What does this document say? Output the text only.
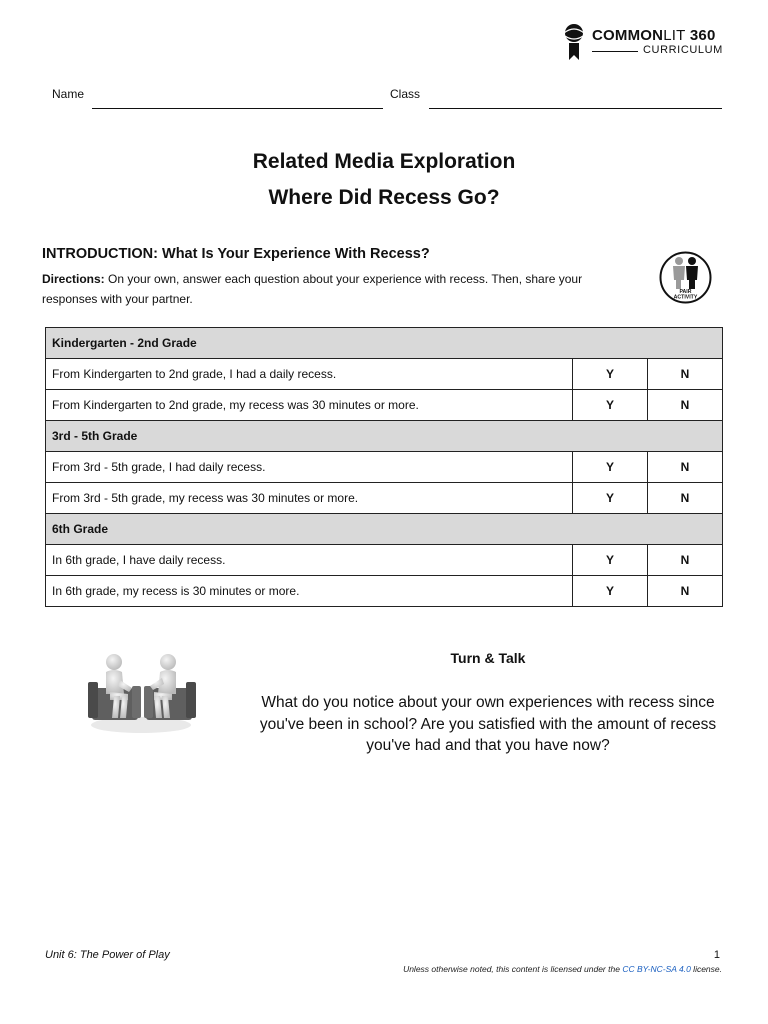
COMMONLIT 360
CURRICULUM
Name	Class
Related Media Exploration
Where Did Recess Go?
INTRODUCTION: What Is Your Experience With Recess?
Directions: On your own, answer each question about your experience with recess. Then, share your responses with your partner.	PAIR
ACTIVITY
Kindergarten - 2nd Grade		
From Kindergarten to 2nd grade, I had a daily recess.	Y	N
From Kindergarten to 2nd grade, my recess was 30 minutes or more.	Y	N
3rd - 5th Grade		
From 3rd - 5th grade, I had daily recess.	Y	N
From 3rd - 5th grade, my recess was 30 minutes or more.	Y	N
6th Grade		
In 6th grade, I have daily recess.	Y	N
In 6th grade, my recess is 30 minutes or more.	Y	N
Turn & Talk
What do you notice about your own experiences with recess since you've been in school? Are you satisfied with the amount of recess you've had and that you have now?
Unit 6: The Power of Play	1
Unless otherwise noted, this content is licensed under the CC BY-NC-SA 4.0 license.
